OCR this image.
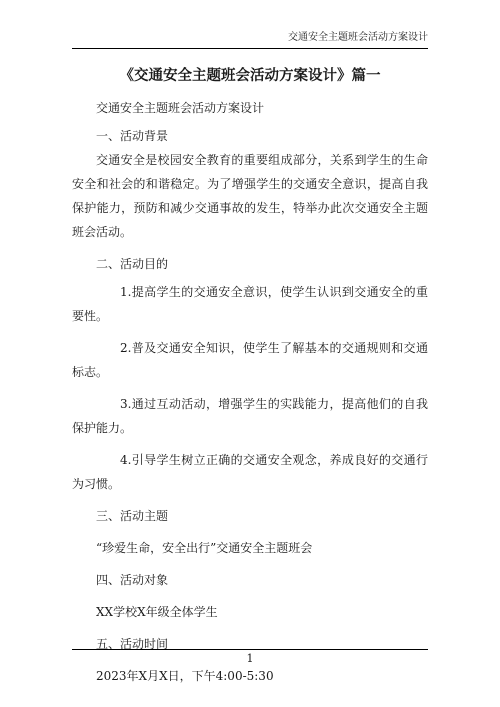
交通安全主题班会活动方案设计
《交通安全主题班会活动方案设计》篇一

交通安全主题班会活动方案设计

一、活动背景

交通安全是校园安全教育的重要组成部分，关系到学生的生命安全和社会的和谐稳定。为了增强学生的交通安全意识，提高自我保护能力，预防和减少交通事故的发生，特举办此次交通安全主题班会活动。

二、活动目的

1.提高学生的交通安全意识，使学生认识到交通安全的重要性。

2.普及交通安全知识，使学生了解基本的交通规则和交通标志。

3.通过互动活动，增强学生的实践能力，提高他们的自我保护能力。

4.引导学生树立正确的交通安全观念，养成良好的交通行为习惯。

三、活动主题

“珍爱生命，安全出行”交通安全主题班会

四、活动对象

XX学校X年级全体学生

五、活动时间

2023年X月X日，下午4:00-5:30

1
